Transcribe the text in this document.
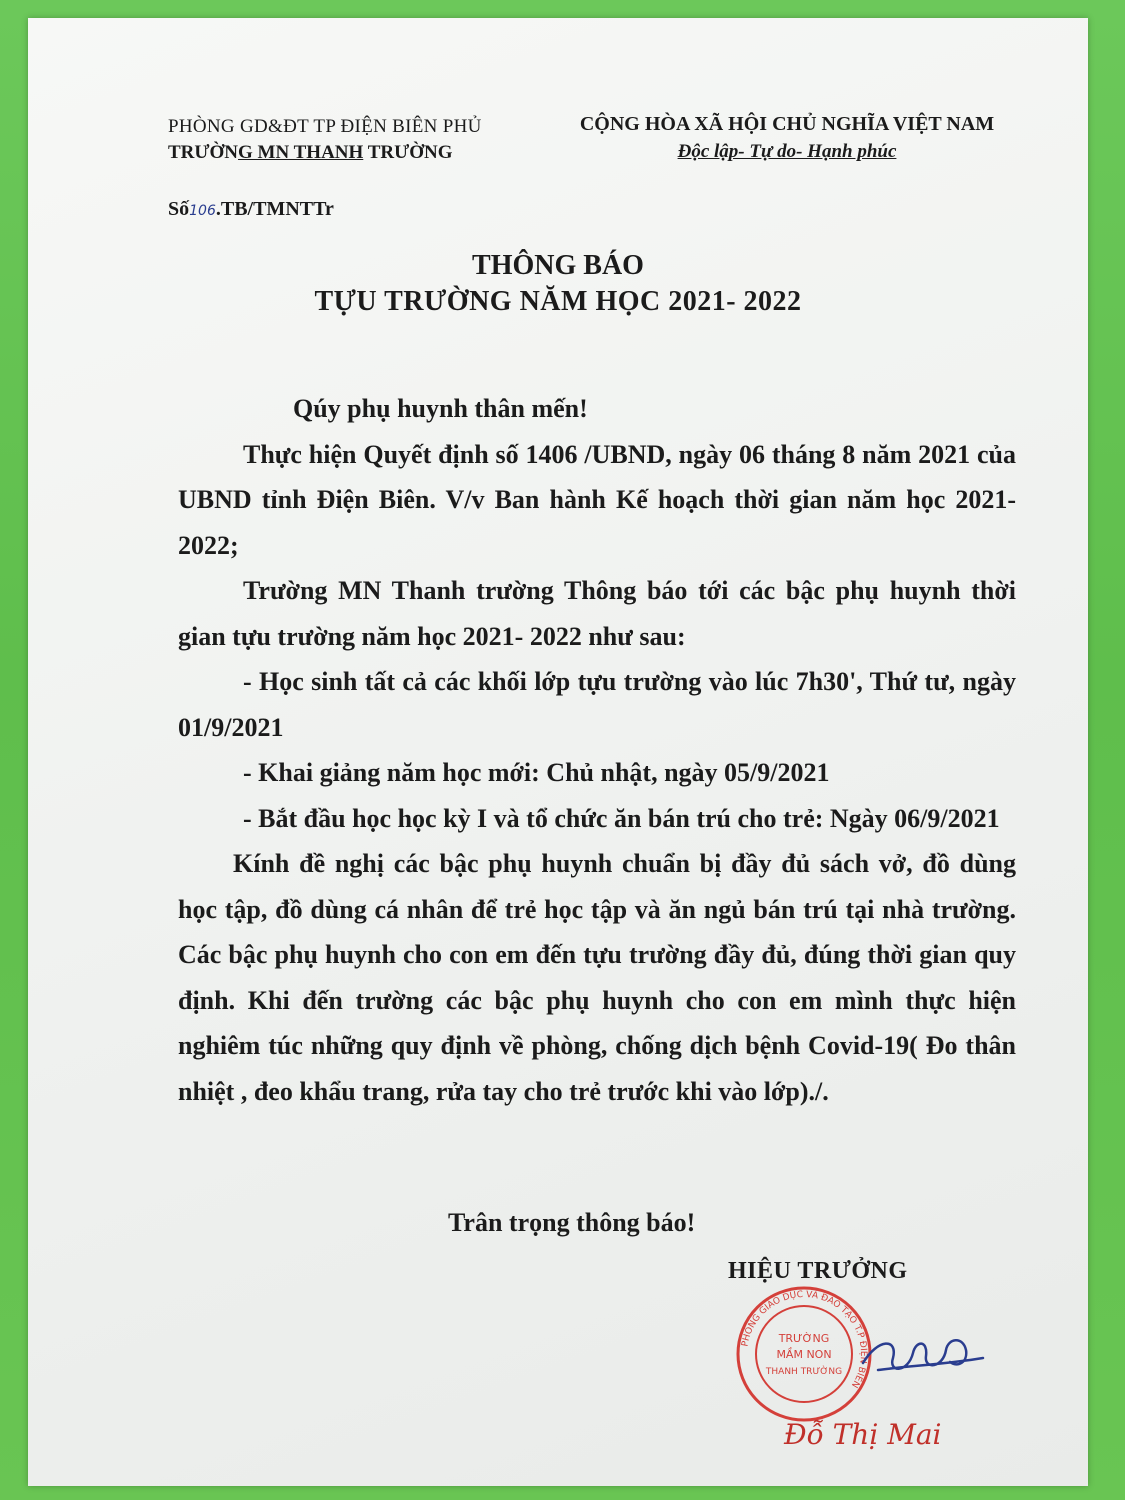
PHÒNG GD&ĐT TP ĐIỆN BIÊN PHỦ
TRƯỜNG MN THANH TRƯỜNG
CỘNG HÒA XÃ HỘI CHỦ NGHĨA VIỆT NAM
Độc lập- Tự do- Hạnh phúc
Số106.TB/TMNTTr
THÔNG BÁO
TỰU TRƯỜNG NĂM HỌC 2021- 2022

Qúy phụ huynh thân mến!

Thực hiện Quyết định số 1406 /UBND, ngày 06 tháng 8 năm 2021 của UBND tỉnh Điện Biên. V/v Ban hành Kế hoạch thời gian năm học 2021- 2022;

Trường MN Thanh trường Thông báo tới các bậc phụ huynh thời gian tựu trường năm học 2021- 2022 như sau:

- Học sinh tất cả các khối lớp tựu trường vào lúc 7h30', Thứ tư, ngày 01/9/2021

- Khai giảng năm học mới: Chủ nhật, ngày 05/9/2021

- Bắt đầu học học kỳ I và tổ chức ăn bán trú cho trẻ: Ngày 06/9/2021

Kính đề nghị các bậc phụ huynh chuẩn bị đầy đủ sách vở, đồ dùng học tập, đồ dùng cá nhân để trẻ học tập và ăn ngủ bán trú tại nhà trường. Các bậc phụ huynh cho con em đến tựu trường đầy đủ, đúng thời gian quy định. Khi đến trường các bậc phụ huynh cho con em mình thực hiện nghiêm túc những quy định về phòng, chống dịch bệnh Covid-19( Đo thân nhiệt , đeo khẩu trang, rửa tay cho trẻ trước khi vào lớp)./.

Trân trọng thông báo!
HIỆU TRƯỞNG
PHÒNG GIÁO DỤC VÀ ĐÀO TẠO T.P ĐIỆN BIÊN
TRƯỜNG
MẦM NON
THANH TRƯỜNG
Đỗ Thị Mai
